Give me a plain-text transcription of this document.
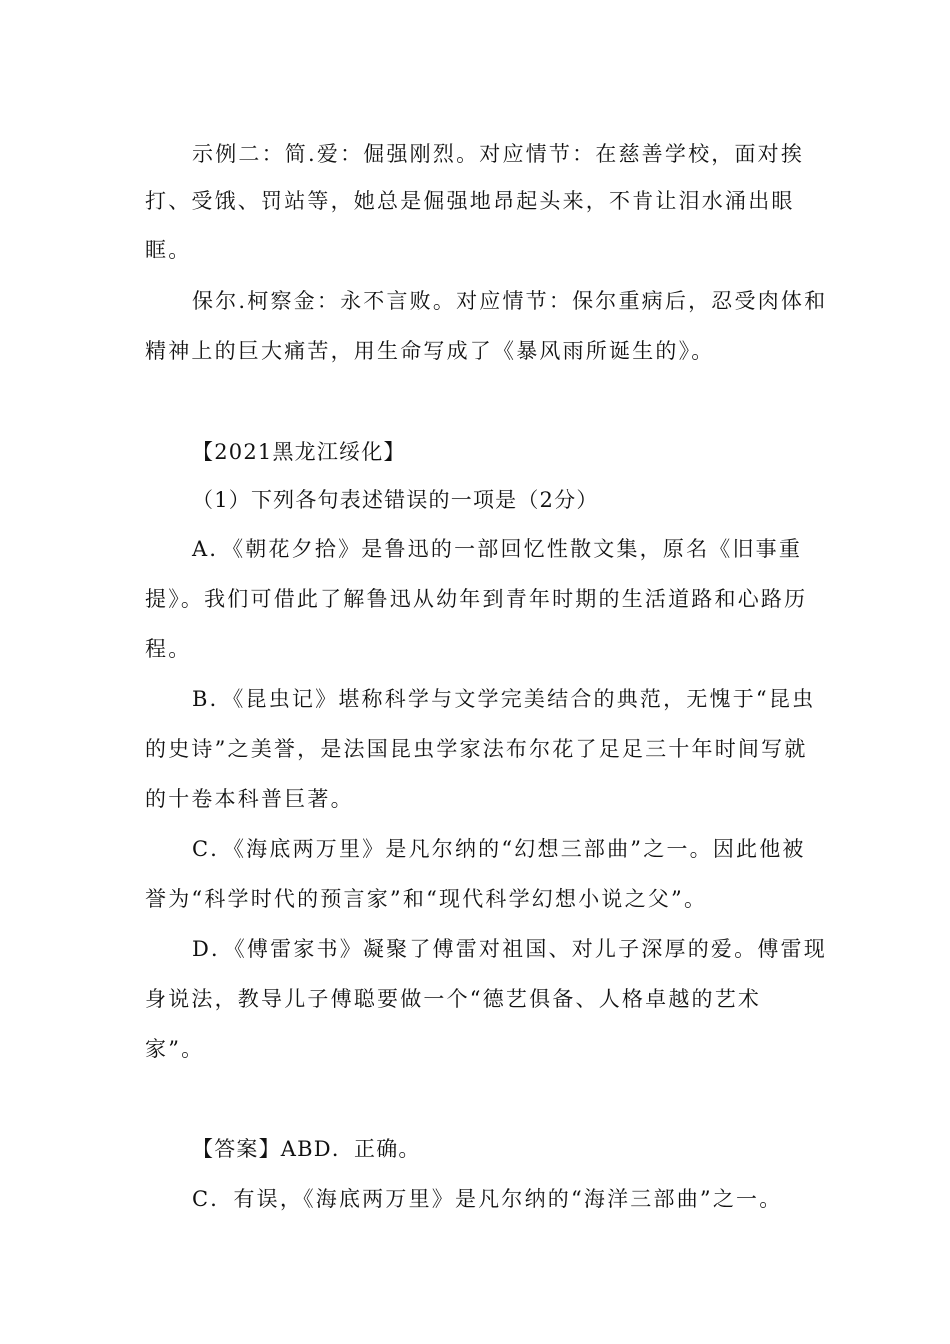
示例二：简.爱：倔强刚烈。对应情节：在慈善学校，面对挨
打、受饿、罚站等，她总是倔强地昂起头来，不肯让泪水涌出眼
眶。
保尔.柯察金：永不言败。对应情节：保尔重病后，忍受肉体和
精神上的巨大痛苦，用生命写成了《暴风雨所诞生的》。
【2021黑龙江绥化】
（1）下列各句表述错误的一项是（2分）
A．《朝花夕拾》是鲁迅的一部回忆性散文集，原名《旧事重
提》。我们可借此了解鲁迅从幼年到青年时期的生活道路和心路历
程。
B．《昆虫记》堪称科学与文学完美结合的典范，无愧于“昆虫
的史诗”之美誉，是法国昆虫学家法布尔花了足足三十年时间写就
的十卷本科普巨著。
C．《海底两万里》是凡尔纳的“幻想三部曲”之一。因此他被
誉为“科学时代的预言家”和“现代科学幻想小说之父”。
D．《傅雷家书》凝聚了傅雷对祖国、对儿子深厚的爱。傅雷现
身说法，教导儿子傅聪要做一个“德艺俱备、人格卓越的艺术
家”。
【答案】ABD．正确。
C．有误，《海底两万里》是凡尔纳的“海洋三部曲”之一。
